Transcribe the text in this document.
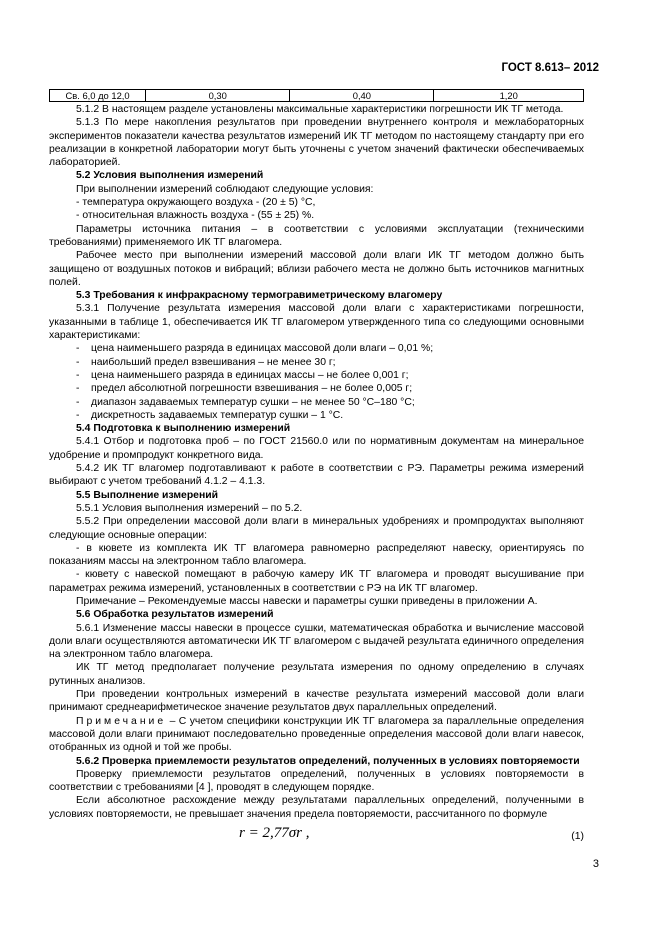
ГОСТ 8.613– 2012
Св. 6,0 до 12,0	0,30	0,40	1,20

5.1.2 В настоящем разделе установлены максимальные характеристики погрешности ИК ТГ метода.

5.1.3 По мере накопления результатов при проведении внутреннего контроля и межлабораторных экспериментов показатели качества результатов измерений ИК ТГ методом по настоящему стандарту при его реализации в конкретной лаборатории могут быть уточнены с учетом значений фактически обеспечиваемых лабораторией.

5.2 Условия выполнения измерений

При выполнении измерений соблюдают следующие условия:

- температура окружающего воздуха - (20 ± 5) °С,

- относительная влажность воздуха - (55 ± 25) %.

Параметры источника питания – в соответствии с условиями эксплуатации (техническими требованиями) применяемого ИК ТГ влагомера.

Рабочее место при выполнении измерений массовой доли влаги ИК ТГ методом должно быть защищено от воздушных потоков и вибраций; вблизи рабочего места не должно быть источников магнитных полей.

5.3 Требования к инфракрасному термогравиметрическому влагомеру

5.3.1 Получение результата измерения массовой доли влаги с характеристиками погрешности, указанными в таблице 1, обеспечивается ИК ТГ влагомером утвержденного типа со следующими основными характеристиками:

- цена наименьшего разряда в единицах массовой доли влаги – 0,01 %;

- наибольший предел взвешивания – не менее 30 г;

- цена наименьшего разряда в единицах массы – не более 0,001 г;

- предел абсолютной погрешности взвешивания – не более 0,005 г;

- диапазон задаваемых температур сушки – не менее 50 °С–180 °С;

- дискретность задаваемых температур сушки – 1 °С.

5.4 Подготовка к выполнению измерений

5.4.1 Отбор и подготовка проб – по ГОСТ 21560.0 или по нормативным документам на минеральное удобрение и промпродукт конкретного вида.

5.4.2 ИК ТГ влагомер подготавливают к работе в соответствии с РЭ. Параметры режима измерений выбирают с учетом требований 4.1.2 – 4.1.3.

5.5 Выполнение измерений

5.5.1 Условия выполнения измерений – по 5.2.

5.5.2 При определении массовой доли влаги в минеральных удобрениях и промпродуктах выполняют следующие основные операции:

- в кювете из комплекта ИК ТГ влагомера равномерно распределяют навеску, ориентируясь по показаниям массы на электронном табло влагомера.

- кювету с навеской помещают в рабочую камеру ИК ТГ влагомера и проводят высушивание при параметрах режима измерений, установленных в соответствии с РЭ на ИК ТГ влагомер.

Примечание – Рекомендуемые массы навески и параметры сушки приведены в приложении А.

5.6 Обработка результатов измерений

5.6.1 Изменение массы навески в процессе сушки, математическая обработка и вычисление массовой доли влаги осуществляются автоматически ИК ТГ влагомером с выдачей результата единичного определения на электронном табло влагомера.

ИК ТГ метод предполагает получение результата измерения по одному определению в случаях рутинных анализов.

При проведении контрольных измерений в качестве результата измерений массовой доли влаги принимают среднеарифметическое значение результатов двух параллельных определений.

Примечание – С учетом специфики конструкции ИК ТГ влагомера за параллельные определения массовой доли влаги принимают последовательно проведенные определения массовой доли влаги навесок, отобранных из одной и той же пробы.

5.6.2 Проверка приемлемости результатов определений, полученных в условиях повторяемости

Проверку приемлемости результатов определений, полученных в условиях повторяемости в соответствии с требованиями [4 ], проводят в следующем порядке.

Если абсолютное расхождение между результатами параллельных определений, полученными в условиях повторяемости, не превышает значения предела повторяемости, рассчитанного по формуле

r = 2,77σr ,	(1)
3
